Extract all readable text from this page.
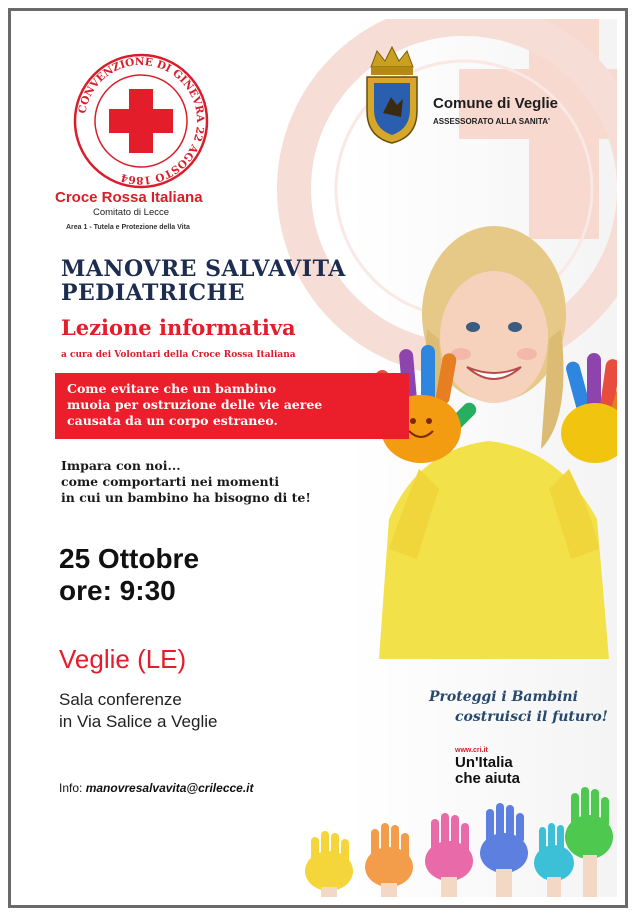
CONVENZIONE DI GINEVRA 22 AGOSTO 1864
Croce Rossa Italiana
Comitato di Lecce
Area 1 - Tutela e Protezione della Vita
Comune di Veglie
ASSESSORATO ALLA SANITA'
MANOVRE SALVAVITA
PEDIATRICHE
Lezione informativa
a cura dei Volontari della Croce Rossa Italiana
Come evitare che un bambino
muoia per ostruzione delle vie aeree
causata da un corpo estraneo.
Impara con noi...
come comportarti nei momenti
in cui un bambino ha bisogno di te!
25 Ottobre
ore: 9:30
Veglie (LE)
Sala conferenze
in Via Salice a Veglie
Info: manovresalvavita@crilecce.it
Proteggi i Bambini
costruisci il futuro!
www.cri.it
Un'Italia
che aiuta
